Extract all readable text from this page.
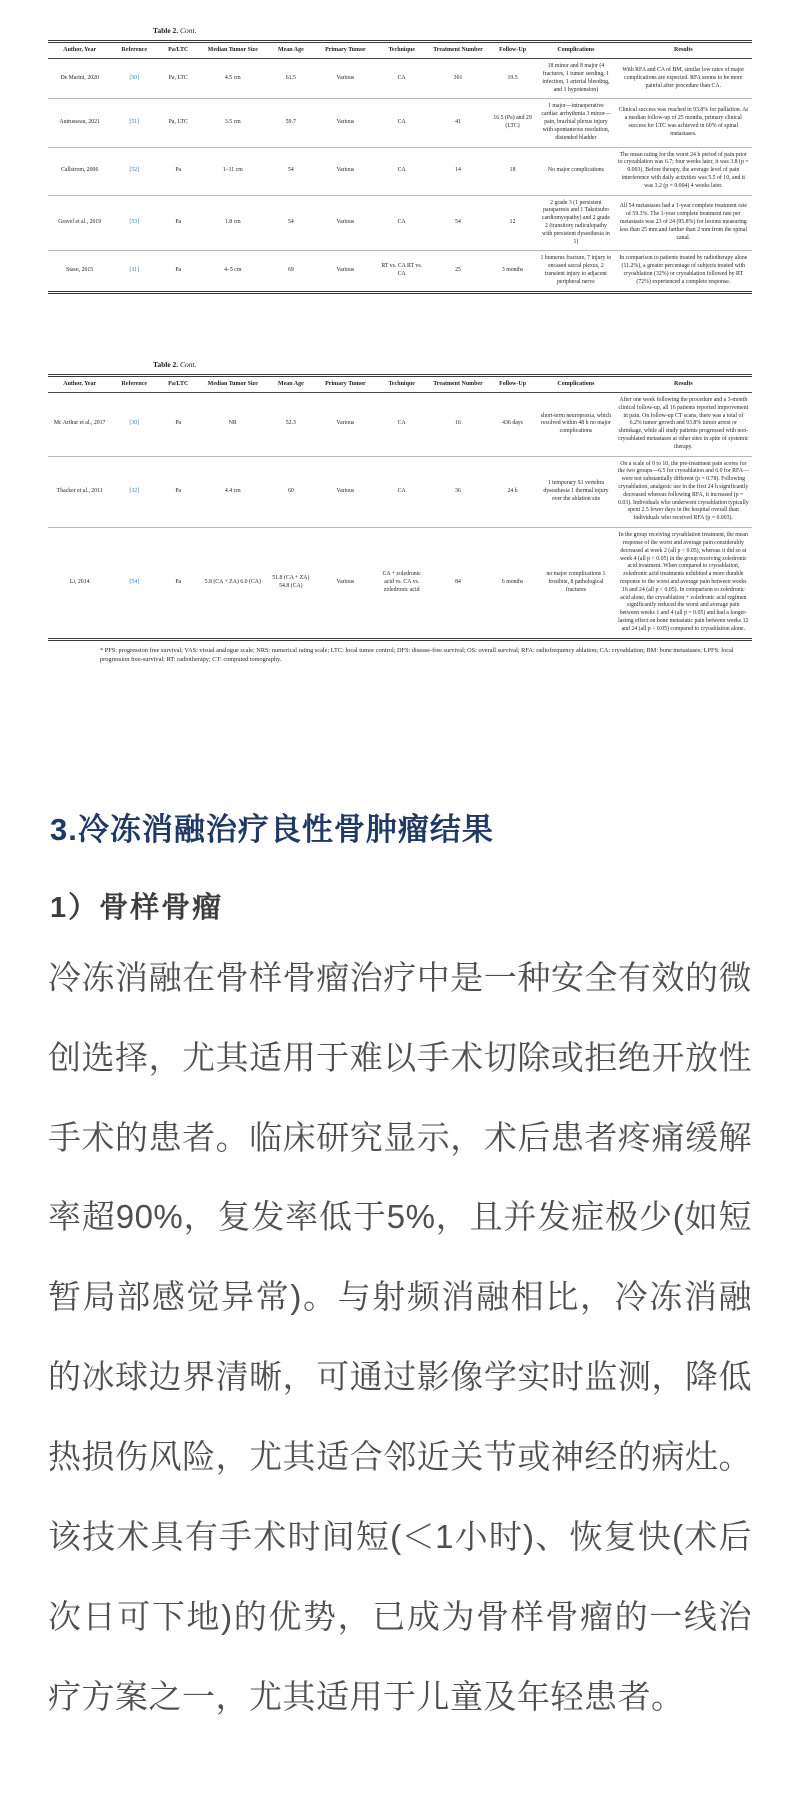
Table 2. Cont.

Author, Year	Reference	Pa/LTC	Median Tumor Size	Mean Age	Primary Tumor	Technique	Treatment Number	Follow-Up	Complications	Results
De Marini, 2020	[50]	Pa, LTC	4.5 cm	61.5	Various	CA	301	19.5	18 minor and 8 major (4 fractures, 1 tumor seeding, 1 infection, 1 arterial bleeding, and 1 hypotension)	With RFA and CA of BM, similar low rates of major complications are expected. RFA seems to be more painful after procedure than CA.
Autrusseau, 2021	[51]	Pa, LTC	3.5 cm	59.7	Various	CA	41	16.5 (Pa) and 29 (LTC)	1 major—intraoperative cardiac arrhythmia 3 minor—pain, brachial plexus injury with spontaneous resolution, distended bladder	Clinical success was reached in 93.8% for palliation. At a median follow-up of 25 months, primary clinical success for LTC was achieved in 60% of spinal metastases.
Callstrom, 2006	[52]	Pa	1–11 cm	54	Various	CA	14	18	No major complications	The mean rating for the worst 24 h period of pain prior to cryoablation was 6.7; four weeks later, it was 3.8 (p = 0.003). Before therapy, the average level of pain interference with daily activities was 5.5 of 10, and it was 3.2 (p = 0.004) 4 weeks later.
Gravel et al., 2019	[53]	Pa	1.8 cm	54	Various	CA	54	12	2 grade 3 (1 persistent paraparesis and 1 Takotsubo cardiomyopathy) and 2 grade 2 (transitory radiculopathy with persistent dysesthesia in 1)	All 54 metastases had a 1-year complete treatment rate of 59.3%. The 1-year complete treatment rate per metastasis was 23 of 24 (95.8%) for lesions measuring less than 25 mm and farther than 2 mm from the spinal canal.
Staso, 2015	[31]	Pa	4–5 cm	69	Various	RT vs. CA RT vs. CA	25	3 months	1 humerus fracture, 7 injury to encased sacral plexus, 2 transient injury to adjacent peripheral nerve	In comparison to patients treated by radiotherapy alone (11.2%), a greater percentage of subjects treated with cryoablation (32%) or cryoablation followed by RT (72%) experienced a complete response.

Table 2. Cont.

Author, Year	Reference	Pa/LTC	Median Tumor Size	Mean Age	Primary Tumor	Technique	Treatment Number	Follow-Up	Complications	Results
Mc Arthur et al., 2017	[30]	Pa	NR	52.3	Various	CA	16	436 days	short-term neuropraxia, which resolved within 48 h no major complications	After one week following the procedure and a 3-month clinical follow-up, all 16 patients reported improvement in pain. On follow-up CT scans, there was a total of 6.2% tumor growth and 93.8% tumor arrest or shrinkage, while all study patients progressed with non-cryoablated metastases at other sites in spite of systemic therapy.
Thacker et al., 2011	[32]	Pa	4.4 cm	60	Various	CA	36	24 h	1 temporary S1 vertebra dysesthesia 1 thermal injury over the ablation site	On a scale of 0 to 10, the pre-treatment pain scores for the two groups—6.5 for cryoablation and 6.0 for RFA—were not substantially different (p = 0.78). Following cryoablation, analgesic use in the first 24 h significantly decreased whereas following RFA, it increased (p = 0.03). Individuals who underwent cryoablation typically spent 2.5 fewer days in the hospital overall than individuals who received RFA (p = 0.003).
Li, 2014	[54]	Pa	5.8 (CA + ZA) 6.0 (CA)	51.8 (CA + ZA) 54.8 (CA)	Various	CA + zoledronic acid vs. CA vs. zoledronic acid	84	6 months	no major complications 1 frostbite, 8 pathological fractures	In the group receiving cryoablation treatment, the mean response of the worst and average pain considerably decreased at week 2 (all p < 0.05), whereas it did so at week 4 (all p < 0.05) in the group receiving zoledronic acid treatment. When compared to cryoablation, zoledronic acid treatments exhibited a more durable response to the worst and average pain between weeks 16 and 24 (all p < 0.05). In comparison to zoledronic acid alone, the cryoablation + zoledronic acid regimen significantly reduced the worst and average pain between weeks 1 and 4 (all p = 0.05) and had a longer-lasting effect on bone metastatic pain between weeks 12 and 24 (all p < 0.05) compared to cryoablation alone.

* PFS: progression free survival; VAS: visual analogue scale; NRS: numerical rating scale; LTC: local tumor control; DFS: disease-free survival; OS: overall survival; RFA: radiofrequency ablation; CA: cryoablation; BM: bone metastases; LPFS: local progression free-survival; RT: radiotherapy; CT: computed tomography.

3.冷冻消融治疗良性骨肿瘤结果
1）骨样骨瘤

冷冻消融在骨样骨瘤治疗中是一种安全有效的微创选择，尤其适用于难以手术切除或拒绝开放性手术的患者。临床研究显示，术后患者疼痛缓解率超90%，复发率低于5%，且并发症极少(如短暂局部感觉异常)。与射频消融相比，冷冻消融的冰球边界清晰，可通过影像学实时监测，降低热损伤风险，尤其适合邻近关节或神经的病灶。该技术具有手术时间短(＜1小时)、恢复快(术后次日可下地)的优势，已成为骨样骨瘤的一线治疗方案之一，尤其适用于儿童及年轻患者。
